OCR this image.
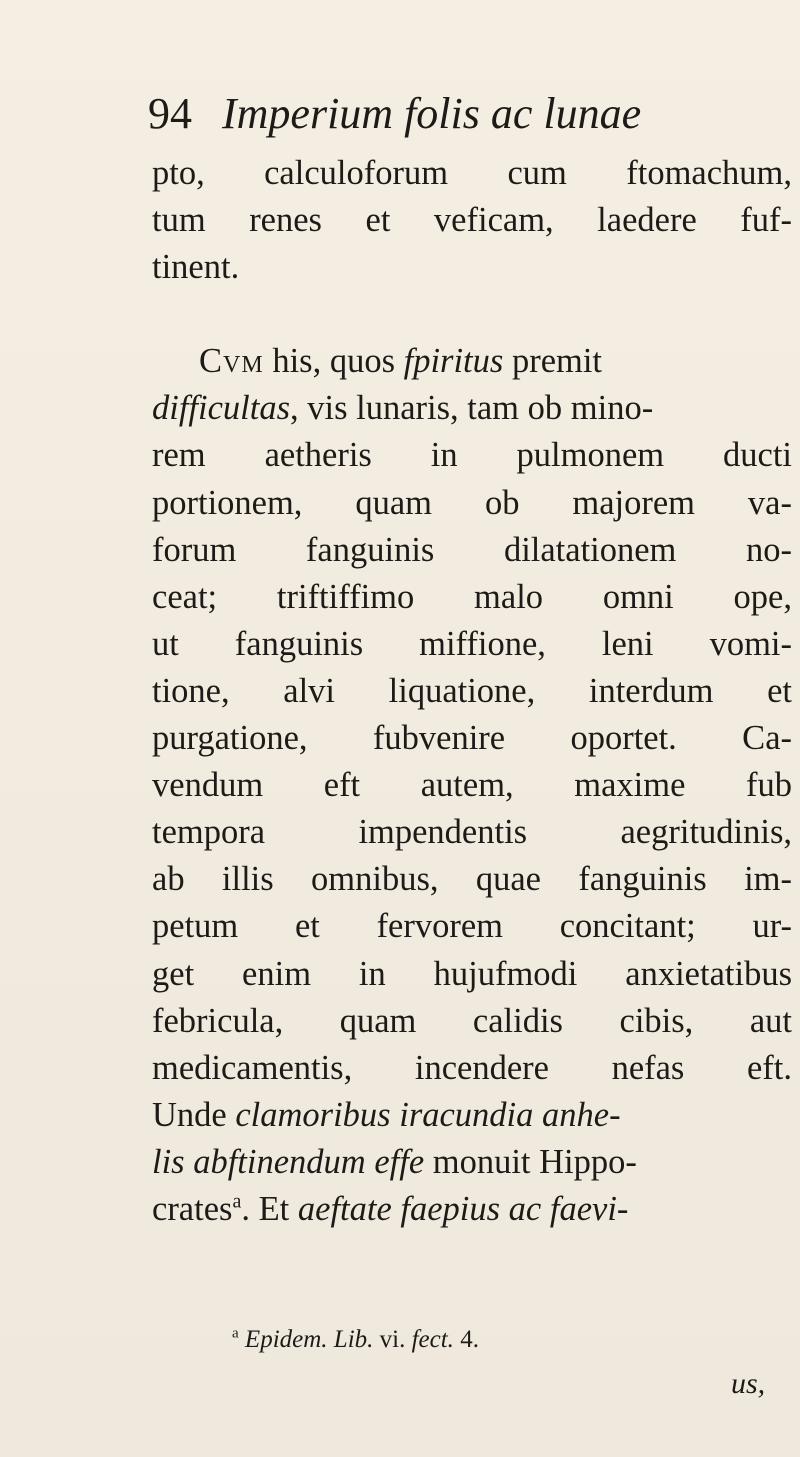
94 Imperium folis ac lunae
pto, calculoforum cum ftomachum,
tum renes et veficam, laedere fuf-
tinent.
Cvm his, quos fpiritus premit
difficultas, vis lunaris, tam ob mino-
rem aetheris in pulmonem ducti
portionem, quam ob majorem va-
forum fanguinis dilatationem no-
ceat; triftiffimo malo omni ope,
ut fanguinis miffione, leni vomi-
tione, alvi liquatione, interdum et
purgatione, fubvenire oportet. Ca-
vendum eft autem, maxime fub
tempora impendentis aegritudinis,
ab illis omnibus, quae fanguinis im-
petum et fervorem concitant; ur-
get enim in hujufmodi anxietatibus
febricula, quam calidis cibis, aut
medicamentis, incendere nefas eft.
Unde clamoribus iracundia anhe-
lis abftinendum effe monuit Hippo-
crates$^a$. Et aeftate faepius ac faevi-
$^a$ Epidem. Lib. vi. fect. 4.
us,
